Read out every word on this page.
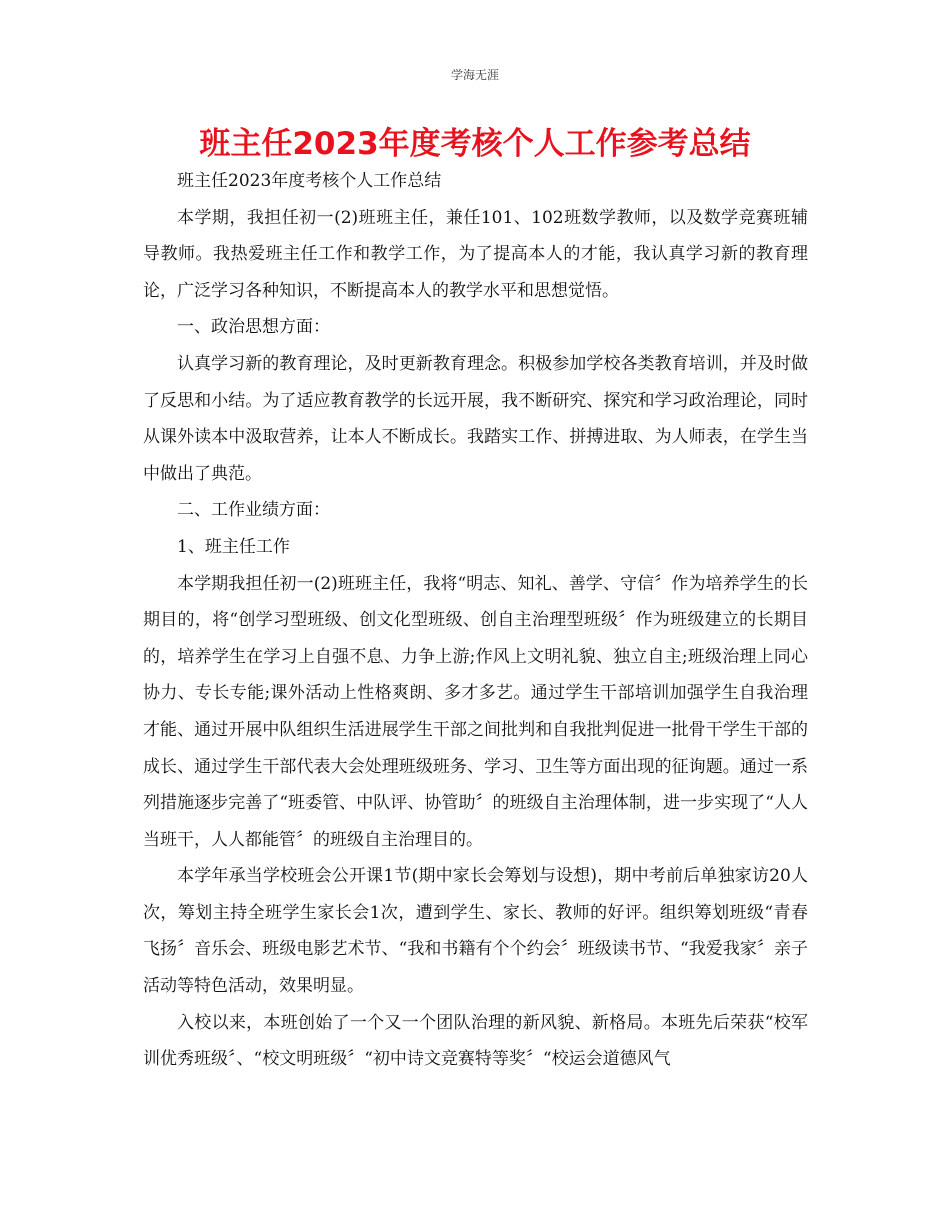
学海无涯
班主任2023年度考核个人工作参考总结

班主任2023年度考核个人工作总结

本学期，我担任初一(2)班班主任，兼任101、102班数学教师，以及数学竞赛班辅导教师。我热爱班主任工作和教学工作，为了提高本人的才能，我认真学习新的教育理论，广泛学习各种知识，不断提高本人的教学水平和思想觉悟。

一、政治思想方面：

认真学习新的教育理论，及时更新教育理念。积极参加学校各类教育培训，并及时做了反思和小结。为了适应教育教学的长远开展，我不断研究、探究和学习政治理论，同时从课外读本中汲取营养，让本人不断成长。我踏实工作、拼搏进取、为人师表，在学生当中做出了典范。

二、工作业绩方面：

1、班主任工作

本学期我担任初一(2)班班主任，我将“明志、知礼、善学、守信〞作为培养学生的长期目的，将“创学习型班级、创文化型班级、创自主治理型班级〞作为班级建立的长期目的，培养学生在学习上自强不息、力争上游;作风上文明礼貌、独立自主;班级治理上同心协力、专长专能;课外活动上性格爽朗、多才多艺。通过学生干部培训加强学生自我治理才能、通过开展中队组织生活进展学生干部之间批判和自我批判促进一批骨干学生干部的成长、通过学生干部代表大会处理班级班务、学习、卫生等方面出现的征询题。通过一系列措施逐步完善了“班委管、中队评、协管助〞的班级自主治理体制，进一步实现了“人人当班干，人人都能管〞的班级自主治理目的。

本学年承当学校班会公开课1节(期中家长会筹划与设想)，期中考前后单独家访20人次，筹划主持全班学生家长会1次，遭到学生、家长、教师的好评。组织筹划班级“青春飞扬〞音乐会、班级电影艺术节、“我和书籍有个个约会〞班级读书节、“我爱我家〞亲子活动等特色活动，效果明显。

入校以来，本班创始了一个又一个团队治理的新风貌、新格局。本班先后荣获“校军训优秀班级〞、“校文明班级〞“初中诗文竞赛特等奖〞“校运会道德风气
